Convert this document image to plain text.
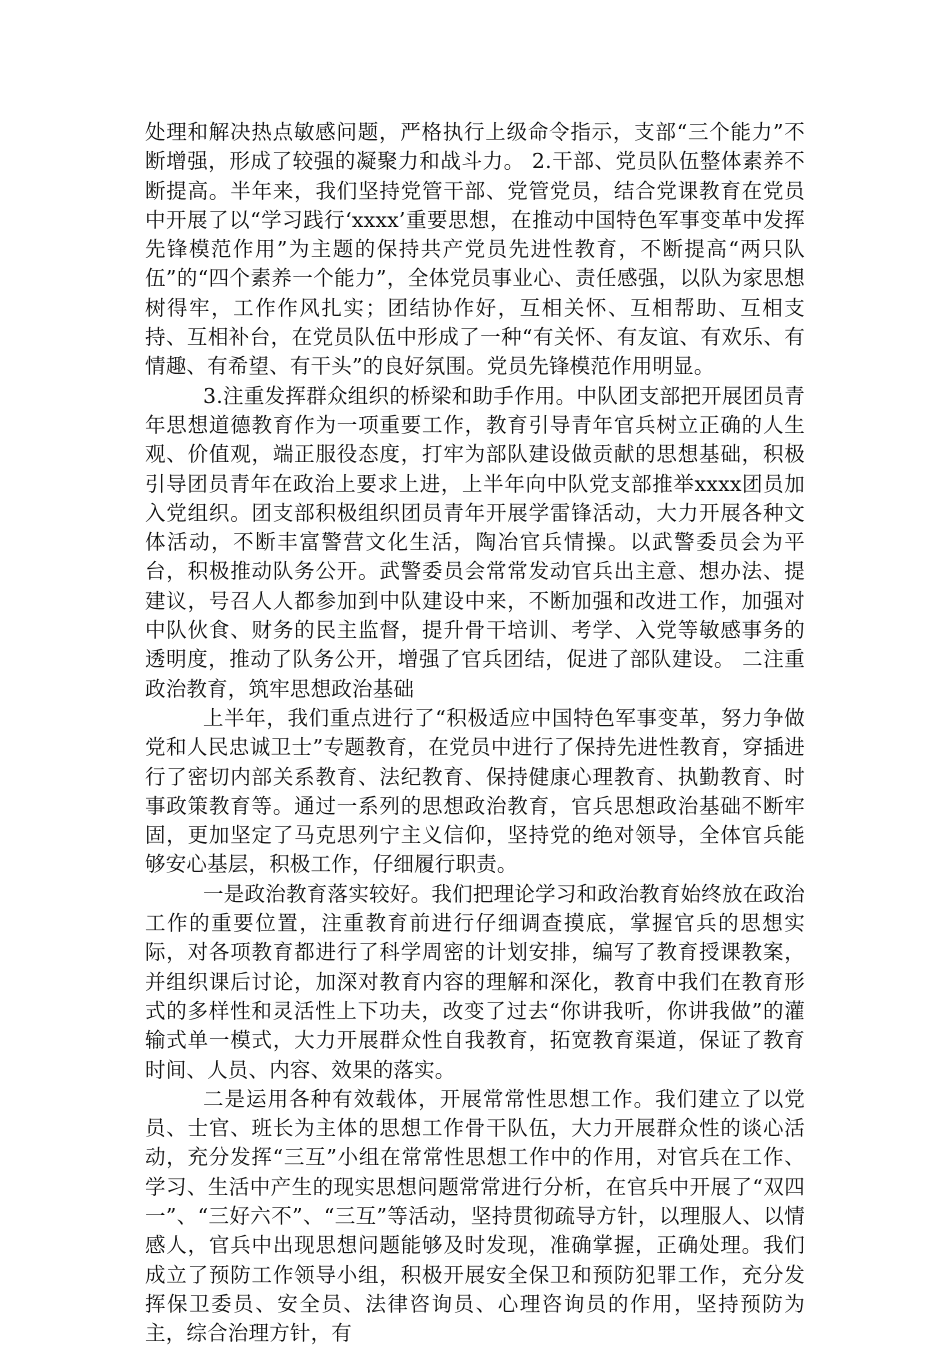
处理和解决热点敏感问题，严格执行上级命令指示，支部“三个能力”不断增强，形成了较强的凝聚力和战斗力。 2.干部、党员队伍整体素养不断提高。半年来，我们坚持党管干部、党管党员，结合党课教育在党员中开展了以“学习践行‘xxxx’重要思想，在推动中国特色军事变革中发挥先锋模范作用”为主题的保持共产党员先进性教育，不断提高“两只队伍”的“四个素养一个能力”，全体党员事业心、责任感强，以队为家思想树得牢，工作作风扎实；团结协作好，互相关怀、互相帮助、互相支持、互相补台，在党员队伍中形成了一种“有关怀、有友谊、有欢乐、有情趣、有希望、有干头”的良好氛围。党员先锋模范作用明显。

3.注重发挥群众组织的桥梁和助手作用。中队团支部把开展团员青年思想道德教育作为一项重要工作，教育引导青年官兵树立正确的人生观、价值观，端正服役态度，打牢为部队建设做贡献的思想基础，积极引导团员青年在政治上要求上进，上半年向中队党支部推举xxxx团员加入党组织。团支部积极组织团员青年开展学雷锋活动，大力开展各种文体活动，不断丰富警营文化生活，陶冶官兵情操。以武警委员会为平台，积极推动队务公开。武警委员会常常发动官兵出主意、想办法、提建议，号召人人都参加到中队建设中来，不断加强和改进工作，加强对中队伙食、财务的民主监督，提升骨干培训、考学、入党等敏感事务的透明度，推动了队务公开，增强了官兵团结，促进了部队建设。 二注重政治教育，筑牢思想政治基础

上半年，我们重点进行了“积极适应中国特色军事变革，努力争做党和人民忠诚卫士”专题教育，在党员中进行了保持先进性教育，穿插进行了密切内部关系教育、法纪教育、保持健康心理教育、执勤教育、时事政策教育等。通过一系列的思想政治教育，官兵思想政治基础不断牢固，更加坚定了马克思列宁主义信仰，坚持党的绝对领导，全体官兵能够安心基层，积极工作，仔细履行职责。

一是政治教育落实较好。我们把理论学习和政治教育始终放在政治工作的重要位置，注重教育前进行仔细调查摸底，掌握官兵的思想实际，对各项教育都进行了科学周密的计划安排，编写了教育授课教案，并组织课后讨论，加深对教育内容的理解和深化，教育中我们在教育形式的多样性和灵活性上下功夫，改变了过去“你讲我听，你讲我做”的灌输式单一模式，大力开展群众性自我教育，拓宽教育渠道，保证了教育时间、人员、内容、效果的落实。

二是运用各种有效载体，开展常常性思想工作。我们建立了以党员、士官、班长为主体的思想工作骨干队伍，大力开展群众性的谈心活动，充分发挥“三互”小组在常常性思想工作中的作用，对官兵在工作、学习、生活中产生的现实思想问题常常进行分析，在官兵中开展了“双四一”、“三好六不”、“三互”等活动，坚持贯彻疏导方针，以理服人、以情感人，官兵中出现思想问题能够及时发现，准确掌握，正确处理。我们成立了预防工作领导小组，积极开展安全保卫和预防犯罪工作，充分发挥保卫委员、安全员、法律咨询员、心理咨询员的作用，坚持预防为主，综合治理方针，有
